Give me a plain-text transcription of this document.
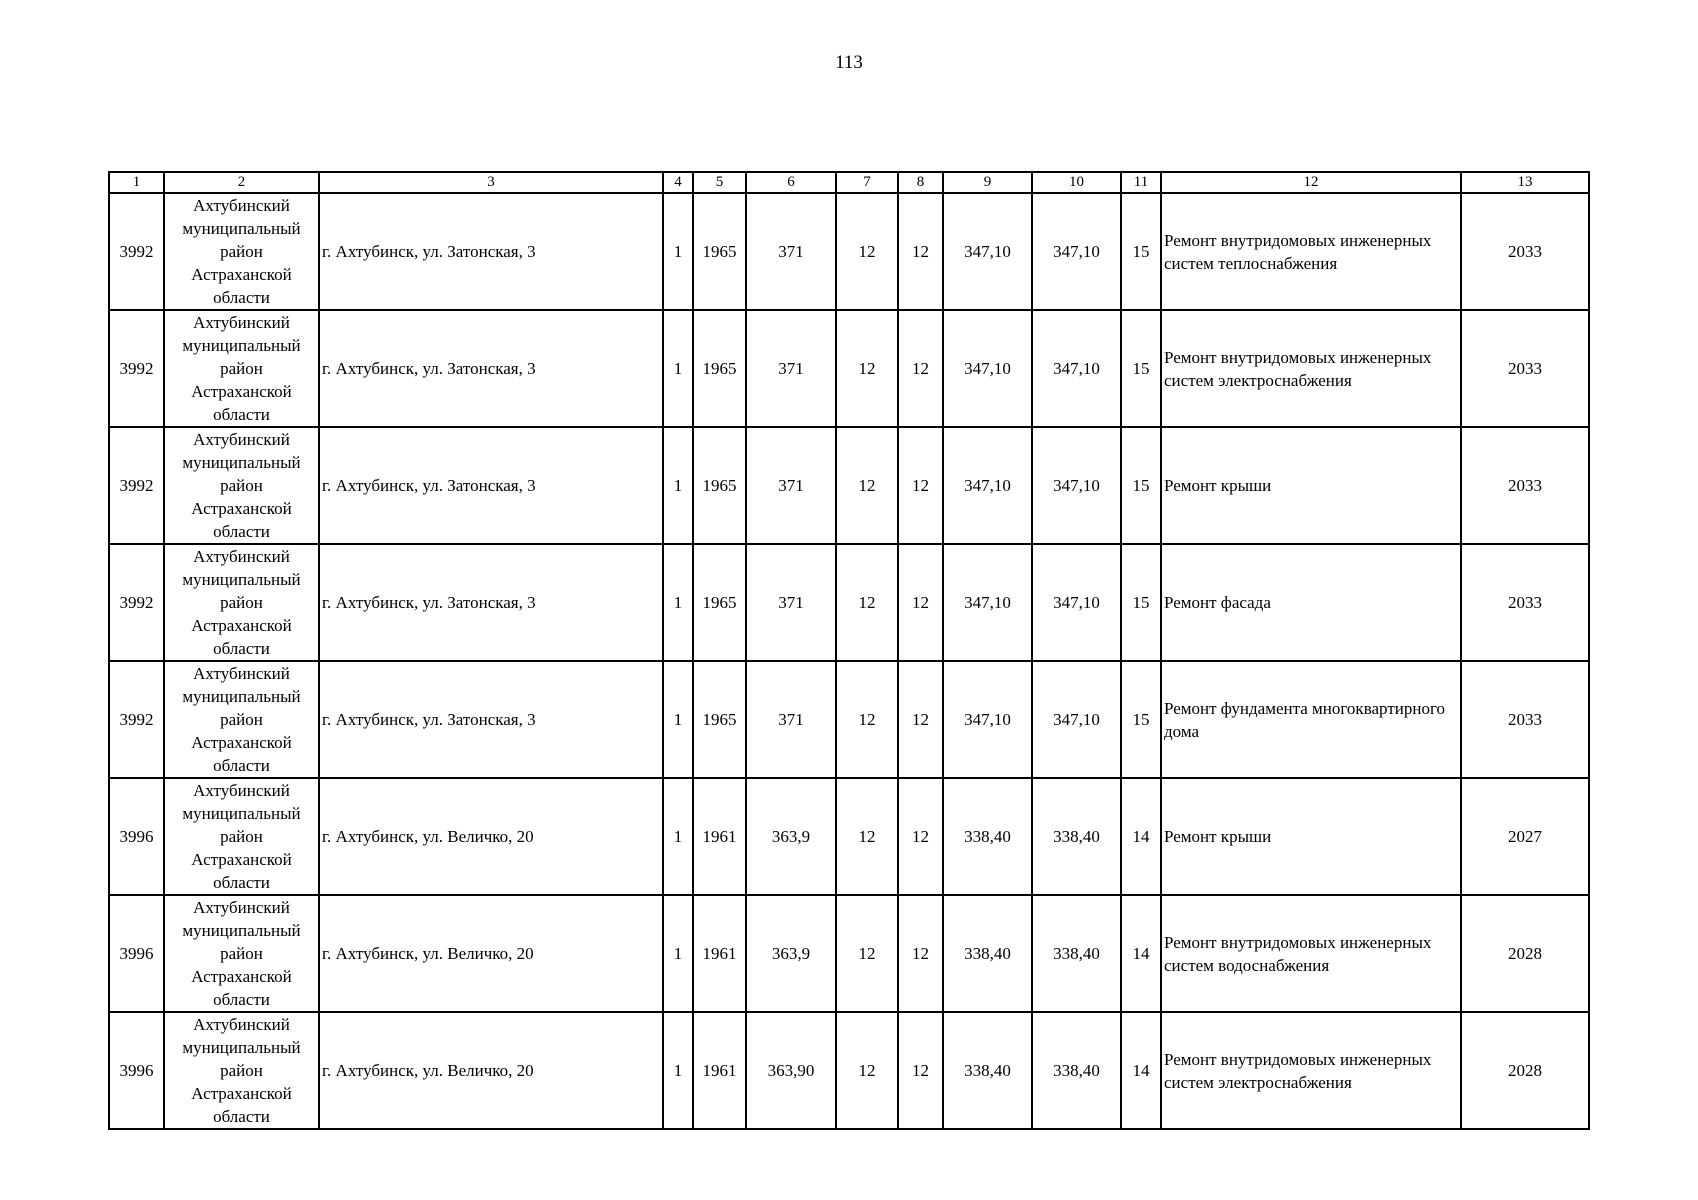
113
1	2	3	4	5	6	7	8	9	10	11	12	13
3992	Ахтубинский
муниципальный
район
Астраханской
области	г. Ахтубинск, ул. Затонская, 3	1	1965	371	12	12	347,10	347,10	15	Ремонт внутридомовых инженерных систем теплоснабжения	2033
3992	Ахтубинский
муниципальный
район
Астраханской
области	г. Ахтубинск, ул. Затонская, 3	1	1965	371	12	12	347,10	347,10	15	Ремонт внутридомовых инженерных систем электроснабжения	2033
3992	Ахтубинский
муниципальный
район
Астраханской
области	г. Ахтубинск, ул. Затонская, 3	1	1965	371	12	12	347,10	347,10	15	Ремонт крыши	2033
3992	Ахтубинский
муниципальный
район
Астраханской
области	г. Ахтубинск, ул. Затонская, 3	1	1965	371	12	12	347,10	347,10	15	Ремонт фасада	2033
3992	Ахтубинский
муниципальный
район
Астраханской
области	г. Ахтубинск, ул. Затонская, 3	1	1965	371	12	12	347,10	347,10	15	Ремонт фундамента многоквартирного дома	2033
3996	Ахтубинский
муниципальный
район
Астраханской
области	г. Ахтубинск, ул. Величко, 20	1	1961	363,9	12	12	338,40	338,40	14	Ремонт крыши	2027
3996	Ахтубинский
муниципальный
район
Астраханской
области	г. Ахтубинск, ул. Величко, 20	1	1961	363,9	12	12	338,40	338,40	14	Ремонт внутридомовых инженерных систем водоснабжения	2028
3996	Ахтубинский
муниципальный
район
Астраханской
области	г. Ахтубинск, ул. Величко, 20	1	1961	363,90	12	12	338,40	338,40	14	Ремонт внутридомовых инженерных систем электроснабжения	2028
